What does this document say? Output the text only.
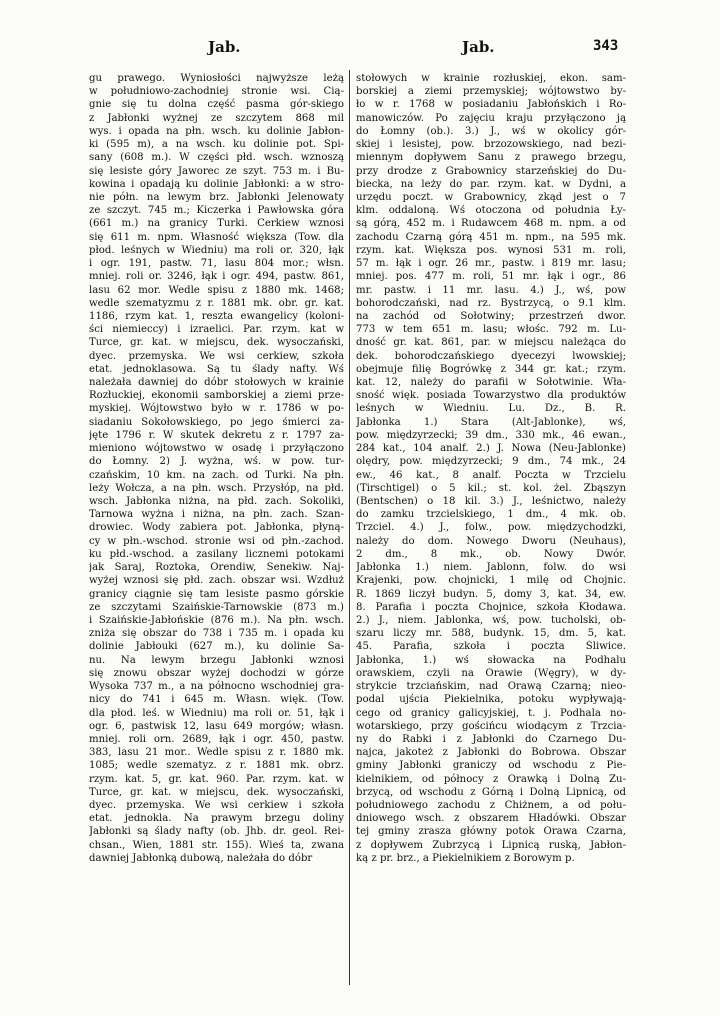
Jab.	Jab.	343
gu prawego. Wyniosłości najwyższe leżą
w południowo-zachodniej stronie wsi. Cią-
gnie się tu dolna część pasma gór-skiego
z Jabłonki wyżnej ze szczytem 868 mil
wys. i opada na płn. wsch. ku dolinie Jabłon-
ki (595 m), a na wsch. ku dolinie pot. Spi-
sany (608 m.). W części płd. wsch. wznoszą
się lesiste góry Jaworec ze szyt. 753 m. i Bu-
kowina i opadają ku dolinie Jabłonki: a w stro-
nie półn. na lewym brz. Jabłonki Jelenowaty
ze szczyt. 745 m.; Kiczerka i Pawłowska góra
(661 m.) na granicy Turki. Cerkiew wznosi
się 611 m. npm. Własność większa (Tow. dla
płod. leśnych w Wiedniu) ma roli or. 320, łąk
i ogr. 191, pastw. 71, lasu 804 mor.; włsn.
mniej. roli or. 3246, łąk i ogr. 494, pastw. 861,
lasu 62 mor. Wedle spisu z 1880 mk. 1468;
wedle szematyzmu z r. 1881 mk. obr. gr. kat.
1186, rzym kat. 1, reszta ewangelicy (koloni-
ści niemieccy) i izraelici. Par. rzym. kat w
Turce, gr. kat. w miejscu, dek. wysoczański,
dyec. przemyska. We wsi cerkiew, szkoła
etat. jednoklasowa. Są tu ślady nafty. Wś
należała dawniej do dóbr stołowych w krainie
Rozłuckiej, ekonomii samborskiej a ziemi prze-
myskiej. Wójtowstwo było w r. 1786 w po-
siadaniu Sokołowskiego, po jego śmierci za-
jęte 1796 r. W skutek dekretu z r. 1797 za-
mieniono wójtowstwo w osadę i przyłączono
do Łomny. 2) J. wyżna, wś. w pow. tur-
czańskim, 10 km. na zach. od Turki. Na płn.
leży Wołcza, a na płn. wsch. Przysłóp, na płd.
wsch. Jabłonka niżna, na płd. zach. Sokoliki,
Tarnowa wyżna i niżna, na płn. zach. Szan-
drowiec. Wody zabiera pot. Jabłonka, płyną-
cy w płn.-wschod. stronie wsi od płn.-zachod.
ku płd.-wschod. a zasilany licznemi potokami
jak Saraj, Roztoka, Orendiw, Senekiw. Naj-
wyżej wznosi się płd. zach. obszar wsi. Wzdłuż
granicy ciągnie się tam lesiste pasmo górskie
ze szczytami Szaińskie-Tarnowskie (873 m.)
i Szaińskie-Jabłońskie (876 m.). Na płn. wsch.
zniża się obszar do 738 i 735 m. i opada ku
dolinie Jabłouki (627 m.), ku dolinie Sa-
nu. Na lewym brzegu Jabłonki wznosi
się znowu obszar wyżej dochodzi w górze
Wysoka 737 m., a na północno wschodniej gra-
nicy do 741 i 645 m. Własn. więk. (Tow.
dla płod. leś. w Wiedniu) ma roli or. 51, łąk i
ogr. 6, pastwisk 12, lasu 649 morgów; własn.
mniej. roli orn. 2689, łąk i ogr. 450, pastw.
383, lasu 21 mor.. Wedle spisu z r. 1880 mk.
1085; wedle szematyz. z r. 1881 mk. obrz.
rzym. kat. 5, gr. kat. 960. Par. rzym. kat. w
Turce, gr. kat. w miejscu, dek. wysoczański,
dyec. przemyska. We wsi cerkiew i szkoła
etat. jednokla. Na prawym brzegu doliny
Jabłonki są ślady nafty (ob. Jhb. dr. geol. Rei-
chsan., Wien, 1881 str. 155). Wieś ta, zwana
dawniej Jabłonką dubową, należała do dóbr
stołowych w krainie rozłuskiej, ekon. sam-
borskiej a ziemi przemyskiej; wójtowstwo by-
ło w r. 1768 w posiadaniu Jabłońskich i Ro-
manowiczów. Po zajęciu kraju przyłączono ją
do Łomny (ob.). 3.) J., wś w okolicy gór-
skiej i lesistej, pow. brzozowskiego, nad bezi-
miennym dopływem Sanu z prawego brzegu,
przy drodze z Grabownicy starzeńskiej do Du-
biecka, na leży do par. rzym. kat. w Dydni, a
urzędu poczt. w Grabownicy, zkąd jest o 7
klm. oddaloną. Wś otoczona od południa Ły-
są górą, 452 m. i Rudawcem 468 m. npm. a od
zachodu Czarną górą 451 m. npm., na 595 mk.
rzym. kat. Większa pos. wynosi 531 m. roli,
57 m. łąk i ogr. 26 mr., pastw. i 819 mr. lasu;
mniej. pos. 477 m. roli, 51 mr. łąk i ogr., 86
mr. pastw. i 11 mr. lasu. 4.) J., wś, pow
bohorodczański, nad rz. Bystrzycą, o 9.1 klm.
na zachód od Sołotwiny; przestrzeń dwor.
773 w tem 651 m. lasu; włośc. 792 m. Lu-
dność gr. kat. 861, par. w miejscu należąca do
dek. bohorodczańskiego dyecezyi lwowskiej;
obejmuje filię Bogrówkę z 344 gr. kat.; rzym.
kat. 12, należy do parafii w Sołotwinie. Wła-
sność więk. posiada Towarzystwo dla produktów
leśnych w Wiedniu. Lu. Dz., B. R.
Jabłonka 1.) Stara (Alt-Jablonke), wś,
pow. międzyrzecki; 39 dm., 330 mk., 46 ewan.,
284 kat., 104 analf. 2.) J. Nowa (Neu-Jablonke)
olędry, pow. międzyrzecki; 9 dm., 74 mk., 24
ew., 46 kat., 8 analf. Poczta w Trzcielu
(Tirschtigel) o 5 kil.; st. kol. żel. Zbąszyn
(Bentschen) o 18 kil. 3.) J., leśnictwo, należy
do zamku trzcielskiego, 1 dm., 4 mk. ob.
Trzciel. 4.) J., folw., pow. międzychodzki,
należy do dom. Nowego Dworu (Neuhaus),
2 dm., 8 mk., ob. Nowy Dwór.
Jabłonka 1.) niem. Jablonn, folw. do wsi
Krajenki, pow. chojnicki, 1 milę od Chojnic.
R. 1869 liczył budyn. 5, domy 3, kat. 34, ew.
8. Parafia i poczta Chojnice, szkoła Kłodawa.
2.) J., niem. Jablonka, wś, pow. tucholski, ob-
szaru liczy mr. 588, budynk. 15, dm. 5, kat.
45. Parafia, szkoła i poczta Śliwice.
Jabłonka, 1.) wś słowacka na Podhalu
orawskiem, czyli na Orawie (Węgry), w dy-
strykcie trzciańskim, nad Orawą Czarną; nieo-
podal ujścia Piekielnika, potoku wypływają-
cego od granicy galicyjskiej, t. j. Podhala no-
wotarskiego, przy gościńcu wiodącym z Trzcia-
ny do Rabki i z Jabłonki do Czarnego Du-
najca, jakoteż z Jabłonki do Bobrowa. Obszar
gminy Jabłonki graniczy od wschodu z Pie-
kielnikiem, od północy z Orawką i Dolną Zu-
brzycą, od wschodu z Górną i Dolną Lipnicą, od
południowego zachodu z Chiżnem, a od połu-
dniowego wsch. z obszarem Hładówki. Obszar
tej gminy zrasza główny potok Orawa Czarna,
z dopływem Zubrzycą i Lipnicą ruską, Jabłon-
ką z pr. brz., a Piekielnikiem z Borowym p.
